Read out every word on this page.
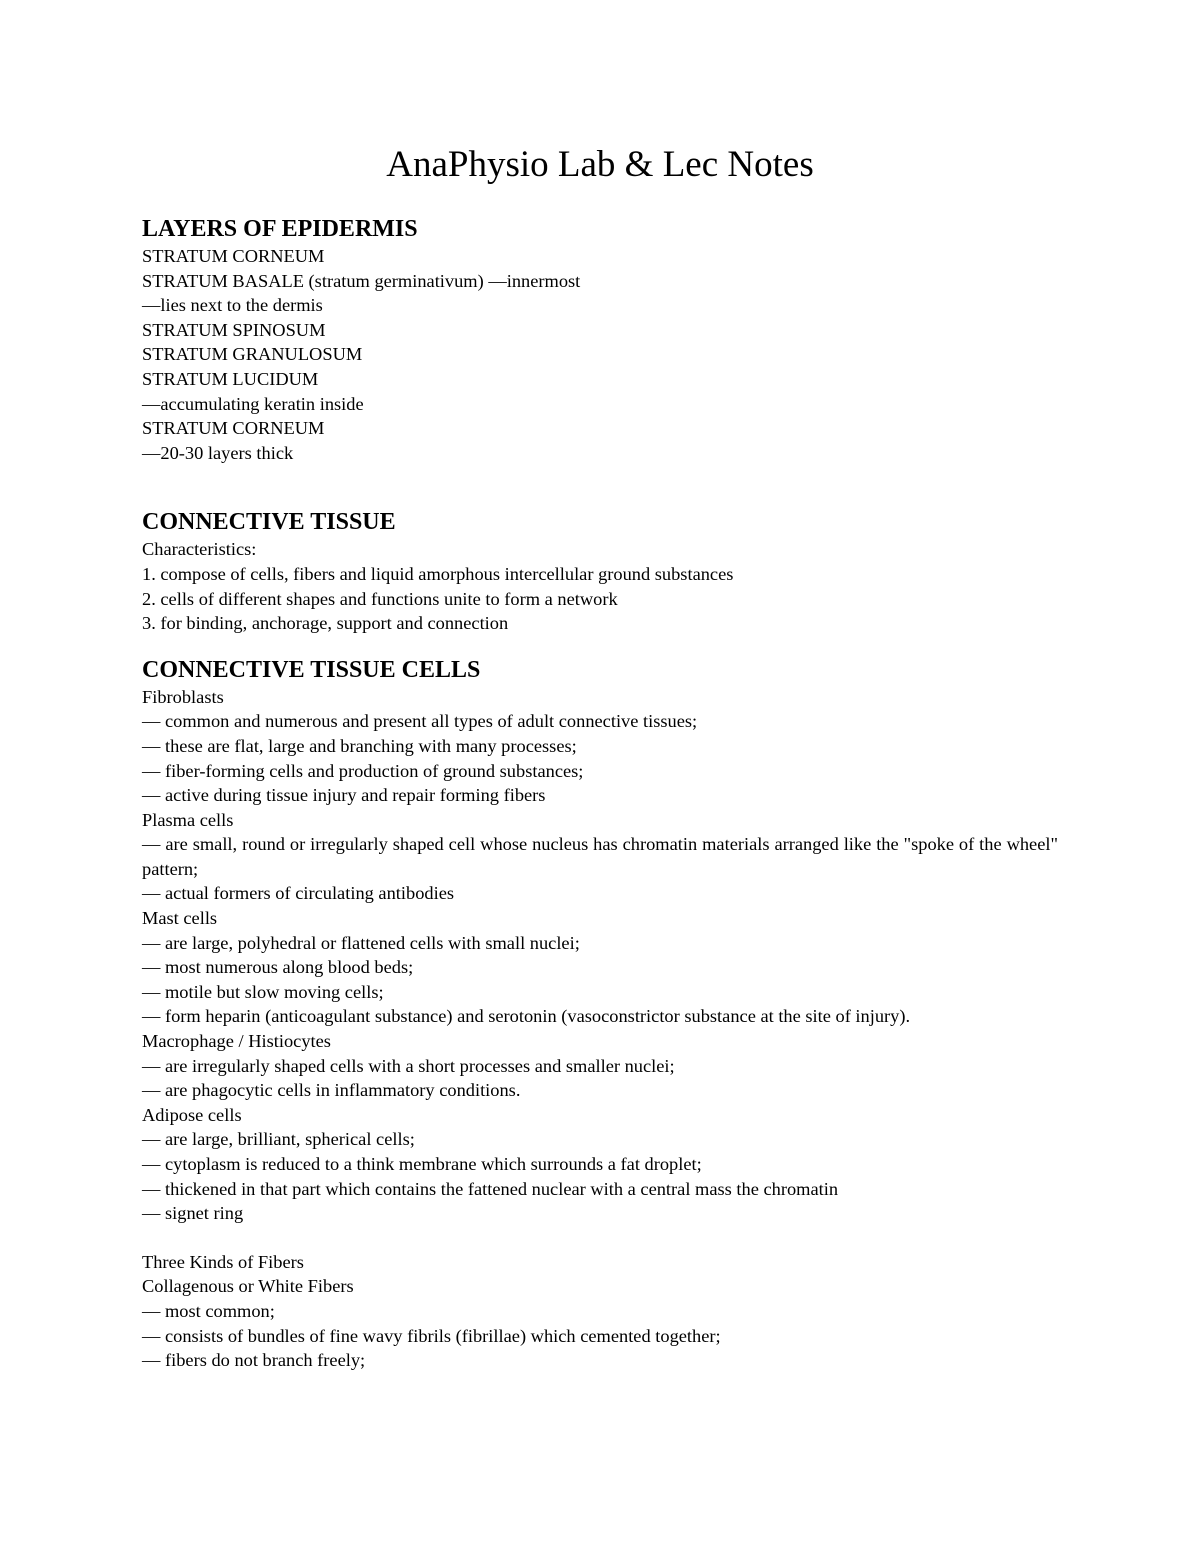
AnaPhysio Lab & Lec Notes
LAYERS OF EPIDERMIS
STRATUM CORNEUM
STRATUM BASALE (stratum germinativum) —innermost
—lies next to the dermis
STRATUM SPINOSUM
STRATUM GRANULOSUM
STRATUM LUCIDUM
—accumulating keratin inside
STRATUM CORNEUM
—20-30 layers thick
CONNECTIVE TISSUE
Characteristics:
1. compose of cells, fibers and liquid amorphous intercellular ground substances
2. cells of different shapes and functions unite to form a network
3. for binding, anchorage, support and connection
CONNECTIVE TISSUE CELLS
Fibroblasts
— common and numerous and present all types of adult connective tissues;
— these are flat, large and branching with many processes;
— fiber-forming cells and production of ground substances;
— active during tissue injury and repair forming fibers
Plasma cells
— are small, round or irregularly shaped cell whose nucleus has chromatin materials arranged like the "spoke of the wheel" pattern;
— actual formers of circulating antibodies
Mast cells
— are large, polyhedral or flattened cells with small nuclei;
— most numerous along blood beds;
— motile but slow moving cells;
— form heparin (anticoagulant substance) and serotonin (vasoconstrictor substance at the site of injury).
Macrophage / Histiocytes
— are irregularly shaped cells with a short processes and smaller nuclei;
— are phagocytic cells in inflammatory conditions.
Adipose cells
— are large, brilliant, spherical cells;
— cytoplasm is reduced to a think membrane which surrounds a fat droplet;
— thickened in that part which contains the fattened nuclear with a central mass the chromatin
— signet ring
Three Kinds of Fibers
Collagenous or White Fibers
— most common;
— consists of bundles of fine wavy fibrils (fibrillae) which cemented together;
— fibers do not branch freely;
